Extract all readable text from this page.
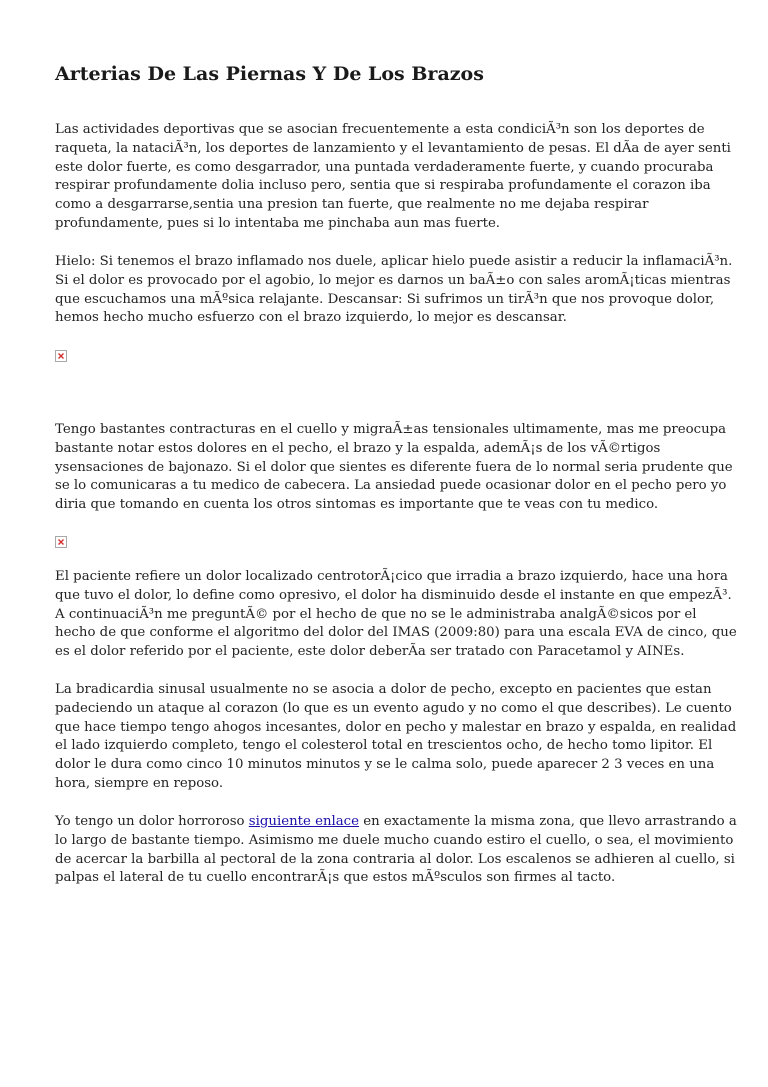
Arterias De Las Piernas Y De Los Brazos
Las actividades deportivas que se asocian frecuentemente a esta condiciÃ³n son los deportes de
raqueta, la nataciÃ³n, los deportes de lanzamiento y el levantamiento de pesas. El dÃa de ayer senti
este dolor fuerte, es como desgarrador, una puntada verdaderamente fuerte, y cuando procuraba
respirar profundamente dolia incluso pero, sentia que si respiraba profundamente el corazon iba
como a desgarrarse,sentia una presion tan fuerte, que realmente no me dejaba respirar
profundamente, pues si lo intentaba me pinchaba aun mas fuerte.
Hielo: Si tenemos el brazo inflamado nos duele, aplicar hielo puede asistir a reducir la inflamaciÃ³n.
Si el dolor es provocado por el agobio, lo mejor es darnos un baÃ±o con sales aromÃ¡ticas mientras
que escuchamos una mÃºsica relajante. Descansar: Si sufrimos un tirÃ³n que nos provoque dolor,
hemos hecho mucho esfuerzo con el brazo izquierdo, lo mejor es descansar.
Tengo bastantes contracturas en el cuello y migraÃ±as tensionales ultimamente, mas me preocupa
bastante notar estos dolores en el pecho, el brazo y la espalda, ademÃ¡s de los vÃ©rtigos
ysensaciones de bajonazo. Si el dolor que sientes es diferente fuera de lo normal seria prudente que
se lo comunicaras a tu medico de cabecera. La ansiedad puede ocasionar dolor en el pecho pero yo
diria que tomando en cuenta los otros sintomas es importante que te veas con tu medico.
El paciente refiere un dolor localizado centrotorÃ¡cico que irradia a brazo izquierdo, hace una hora
que tuvo el dolor, lo define como opresivo, el dolor ha disminuido desde el instante en que empezÃ³.
A continuaciÃ³n me preguntÃ© por el hecho de que no se le administraba analgÃ©sicos por el
hecho de que conforme el algoritmo del dolor del IMAS (2009:80) para una escala EVA de cinco, que
es el dolor referido por el paciente, este dolor deberÃa ser tratado con Paracetamol y AINEs.
La bradicardia sinusal usualmente no se asocia a dolor de pecho, excepto en pacientes que estan
padeciendo un ataque al corazon (lo que es un evento agudo y no como el que describes). Le cuento
que hace tiempo tengo ahogos incesantes, dolor en pecho y malestar en brazo y espalda, en realidad
el lado izquierdo completo, tengo el colesterol total en trescientos ocho, de hecho tomo lipitor. El
dolor le dura como cinco 10 minutos minutos y se le calma solo, puede aparecer 2 3 veces en una
hora, siempre en reposo.
Yo tengo un dolor horroroso siguiente enlace en exactamente la misma zona, que llevo arrastrando a
lo largo de bastante tiempo. Asimismo me duele mucho cuando estiro el cuello, o sea, el movimiento
de acercar la barbilla al pectoral de la zona contraria al dolor. Los escalenos se adhieren al cuello, si
palpas el lateral de tu cuello encontrarÃ¡s que estos mÃºsculos son firmes al tacto.
